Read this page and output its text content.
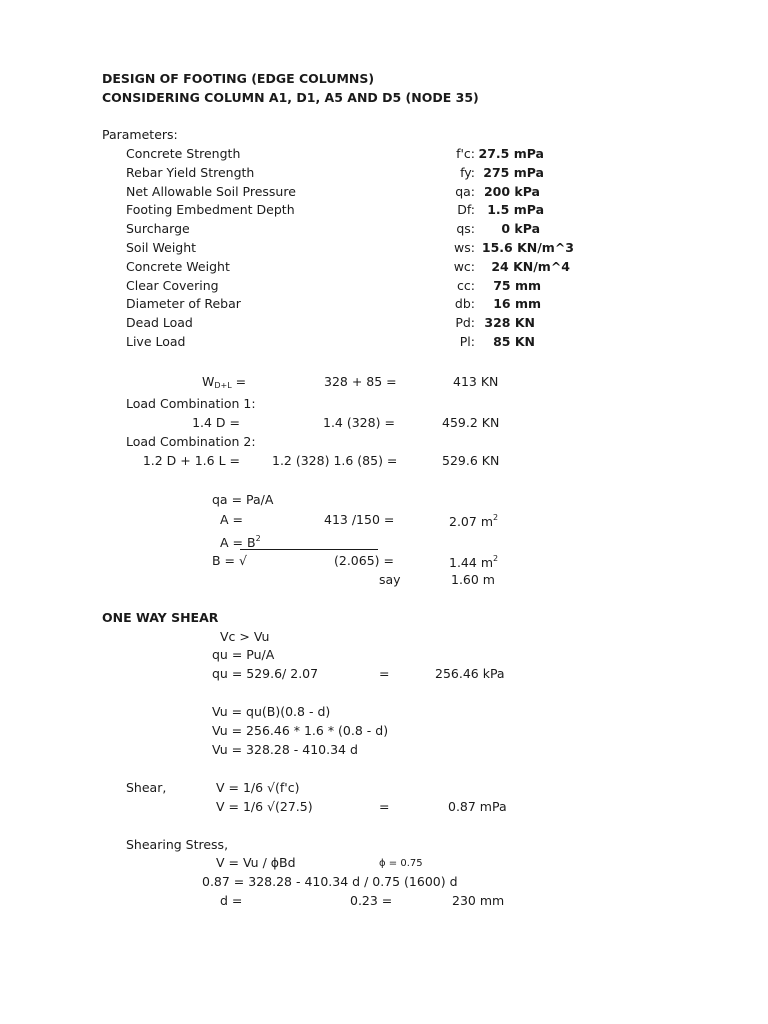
DESIGN OF FOOTING (EDGE COLUMNS)
CONSIDERING COLUMN A1, D1, A5 AND D5 (NODE 35)
Parameters:
Concrete Strength	f'c: 27.5 mPa
Rebar Yield Strength	fy: 275 mPa
Net Allowable Soil Pressure	qa: 200 kPa
Footing Embedment Depth	Df: 1.5 mPa
Surcharge	qs: 0 kPa
Soil Weight	ws: 15.6 KN/m^3
Concrete Weight	wc: 24 KN/m^4
Clear Covering	cc: 75 mm
Diameter of Rebar	db: 16 mm
Dead Load	Pd: 328 KN
Live Load	Pl: 85 KN
$W_{D+L}$ =	328 + 85 =	413 KN
Load Combination 1:
1.4 D =	1.4 (328) =	459.2 KN
Load Combination 2:
1.2 D + 1.6 L =	1.2 (328) 1.6 (85) =	529.6 KN
qa = Pa/A
A =	413 /150 =	2.07 $m^2$
$A = B^2$
B = √	(2.065) =	1.44 $m^2$
say	1.60 m
ONE WAY SHEAR
Vc > Vu
qu = Pu/A
qu = 529.6/ 2.07	=	256.46 kPa
Vu = qu(B)(0.8 - d)
Vu = 256.46 * 1.6 * (0.8 - d)
Vu = 328.28 - 410.34 d
Shear,	V = 1/6 √(f'c)
V = 1/6 √(27.5)	=	0.87 mPa
Shearing Stress,
V = Vu / ϕBd	ϕ = 0.75
0.87 = 328.28 - 410.34 d / 0.75 (1600) d
d =	0.23 =	230 mm
